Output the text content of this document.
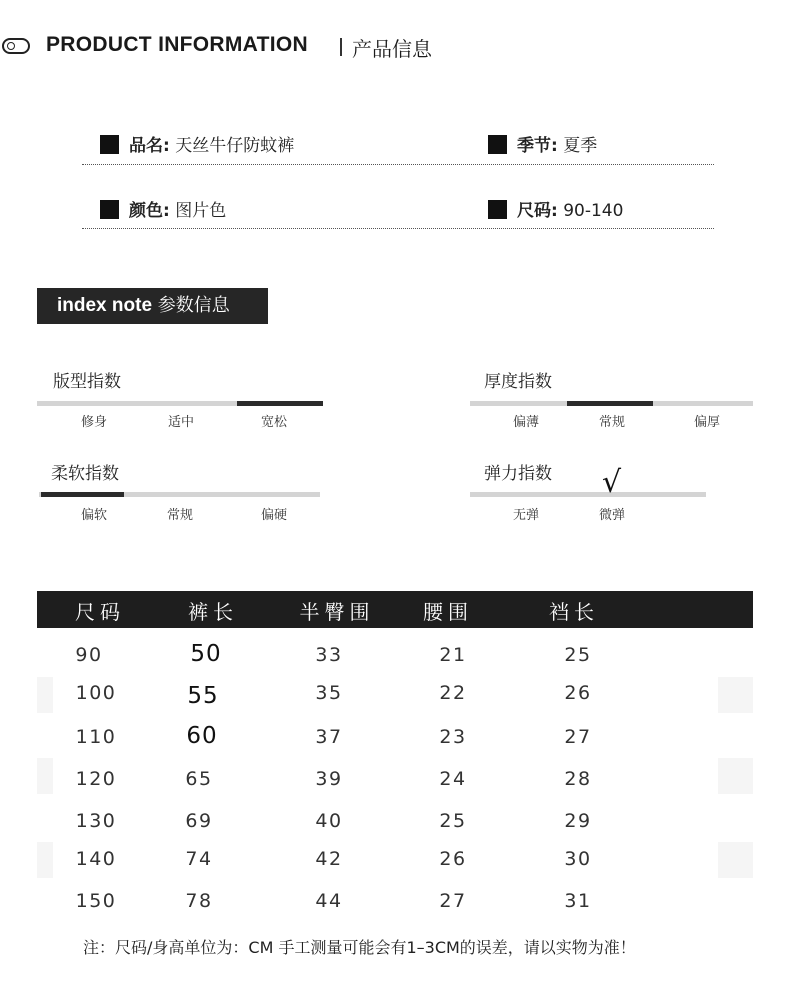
PRODUCT INFORMATION 产品信息
品名: 天丝牛仔防蚊裤	季节: 夏季
颜色: 图片色	尺码: 90-140
index note 参数信息
版型指数
修身	适中	宽松
厚度指数
偏薄	常规	偏厚
柔软指数
偏软	常规	偏硬
弹力指数 √
无弹	微弹
尺码	裤长	半臀围	腰围	裆长
90	50	33	21	25
100	55	35	22	26
110	60	37	23	27
120	65	39	24	28
130	69	40	25	29
140	74	42	26	30
150	78	44	27	31
注：尺码/身高单位为：CM 手工测量可能会有1–3CM的误差，请以实物为准！
